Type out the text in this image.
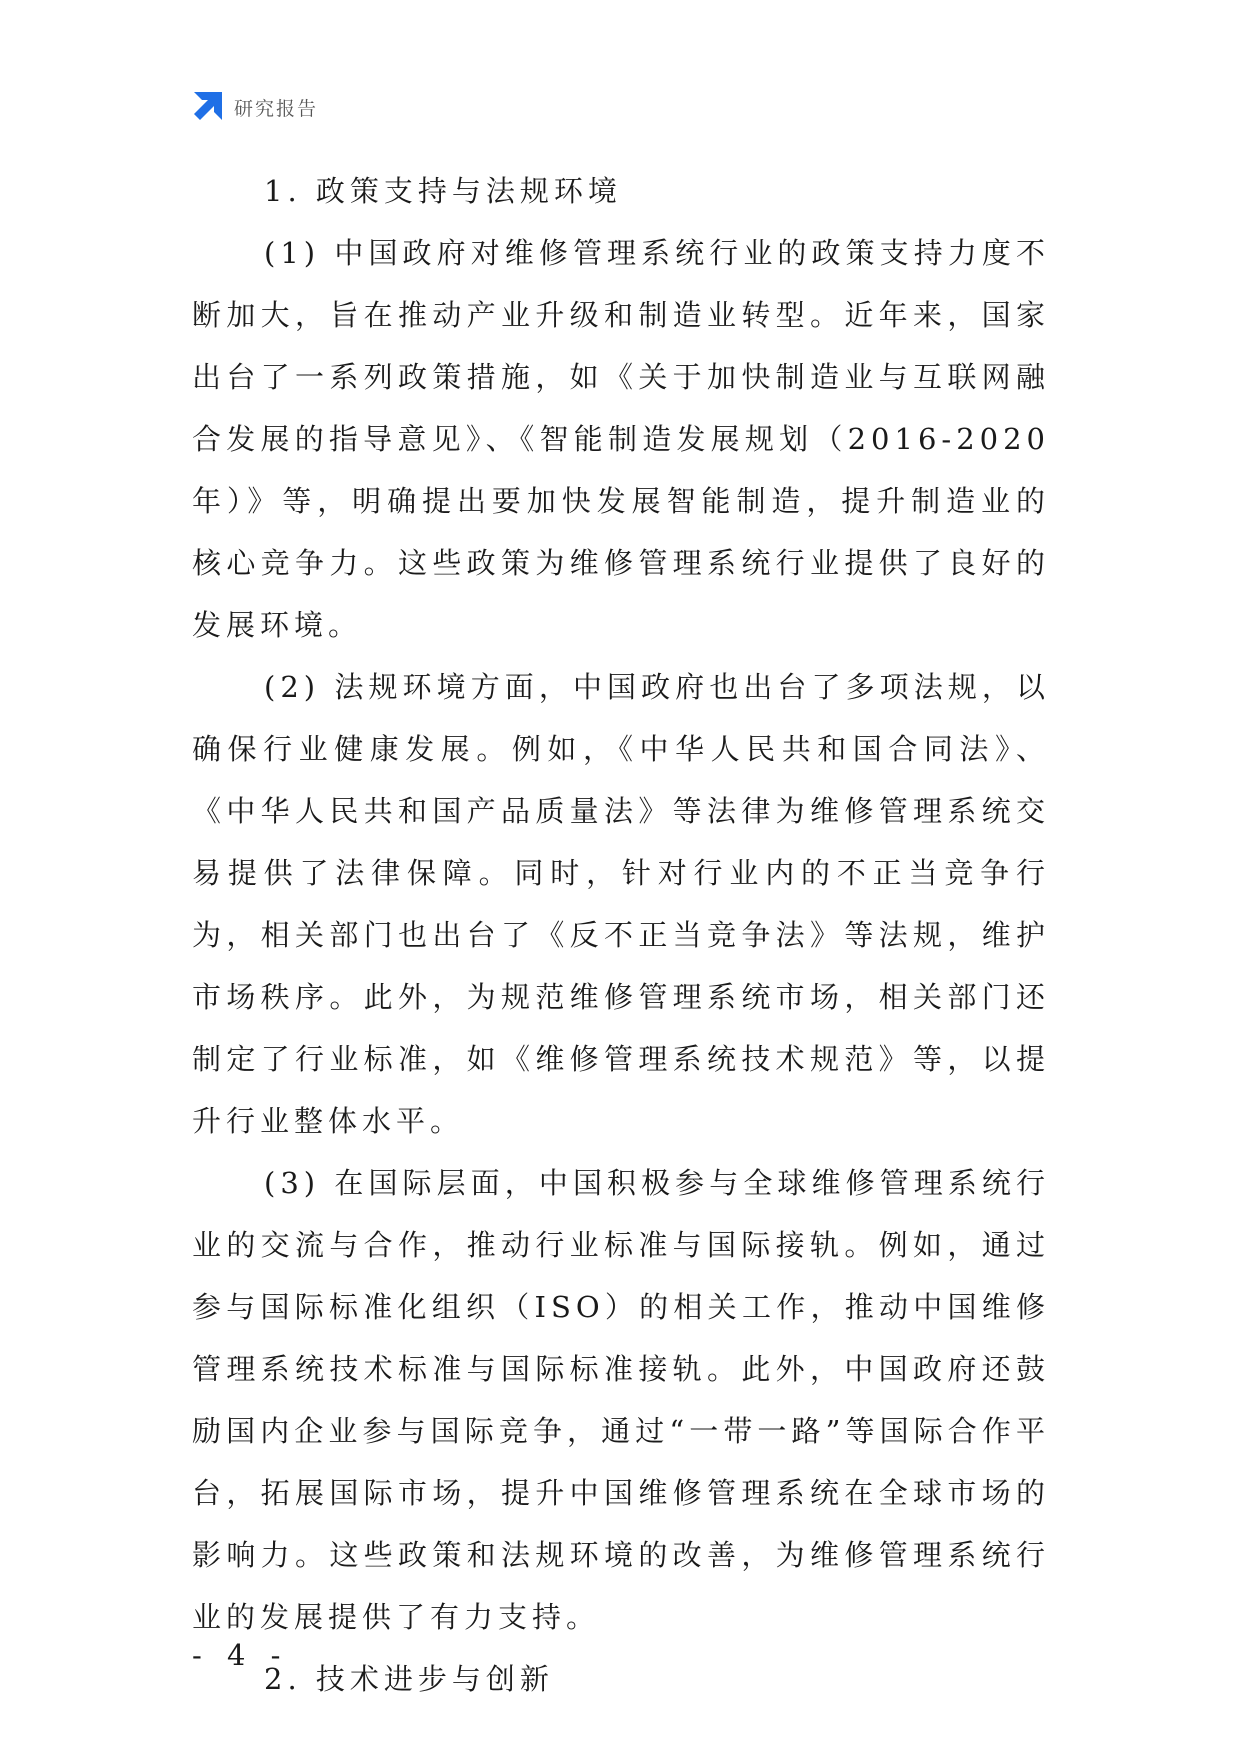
研究报告
1. 政策支持与法规环境

(1) 中国政府对维修管理系统行业的政策支持力度不断加大，旨在推动产业升级和制造业转型。近年来，国家出台了一系列政策措施，如《关于加快制造业与互联网融合发展的指导意见》、《智能制造发展规划（2016-2020 年）》等，明确提出要加快发展智能制造，提升制造业的核心竞争力。这些政策为维修管理系统行业提供了良好的发展环境。

(2) 法规环境方面，中国政府也出台了多项法规，以确保行业健康发展。例如，《中华人民共和国合同法》、《中华人民共和国产品质量法》等法律为维修管理系统交易提供了法律保障。同时，针对行业内的不正当竞争行为，相关部门也出台了《反不正当竞争法》等法规，维护市场秩序。此外，为规范维修管理系统市场，相关部门还制定了行业标准，如《维修管理系统技术规范》等，以提升行业整体水平。

(3) 在国际层面，中国积极参与全球维修管理系统行业的交流与合作，推动行业标准与国际接轨。例如，通过参与国际标准化组织（ISO）的相关工作，推动中国维修管理系统技术标准与国际标准接轨。此外，中国政府还鼓励国内企业参与国际竞争，通过“一带一路”等国际合作平台，拓展国际市场，提升中国维修管理系统在全球市场的影响力。这些政策和法规环境的改善，为维修管理系统行业的发展提供了有力支持。

2. 技术进步与创新
- 4 -
